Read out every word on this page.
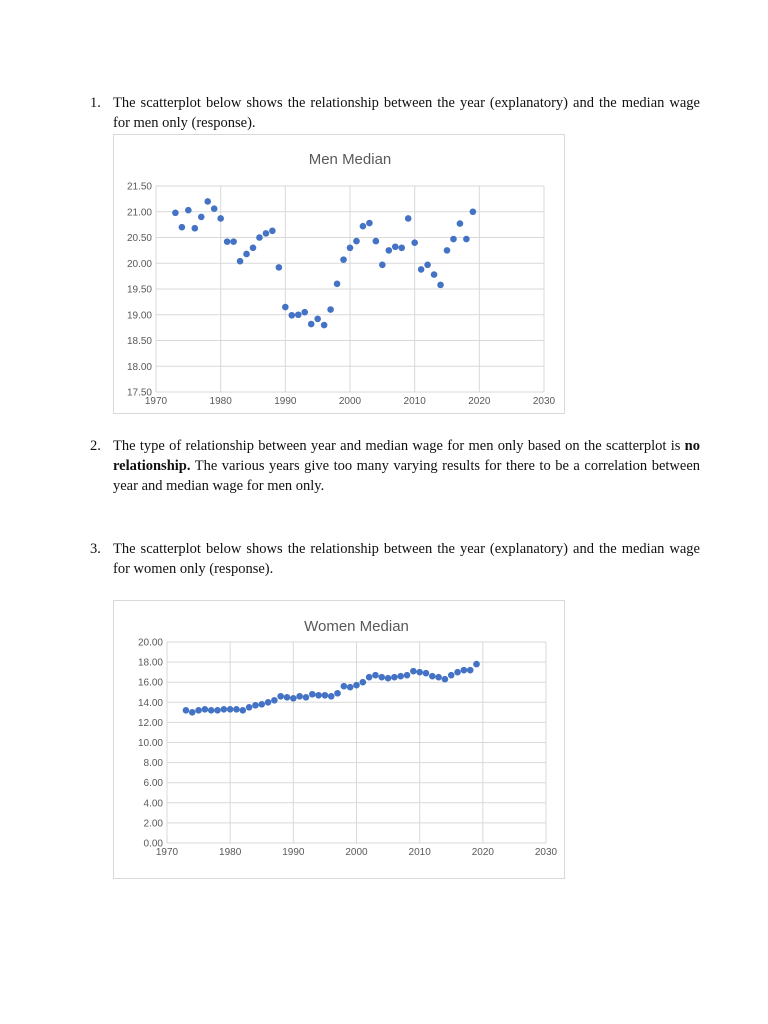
1. The scatterplot below shows the relationship between the year (explanatory) and the median wage for men only (response).
Men Median
17.50
18.00
18.50
19.00
19.50
20.00
20.50
21.00
21.50
1970	1980	1990	2000	2010	2020	2030
2. The type of relationship between year and median wage for men only based on the scatterplot is no relationship. The various years give too many varying results for there to be a correlation between year and median wage for men only.
3. The scatterplot below shows the relationship between the year (explanatory) and the median wage for women only (response).
Women Median
0.00
2.00
4.00
6.00
8.00
10.00
12.00
14.00
16.00
18.00
20.00
1970	1980	1990	2000	2010	2020	2030
